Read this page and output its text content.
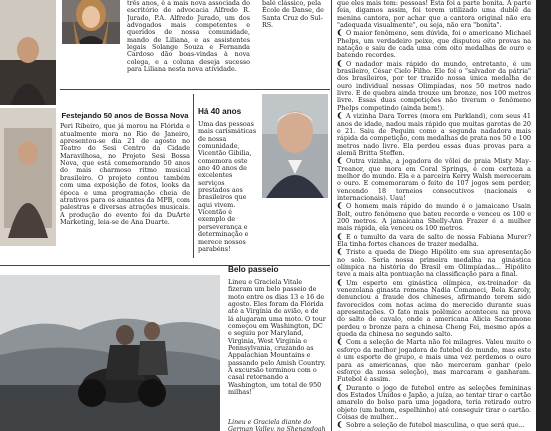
três anos, é a mais nova associada do escritório de advocacia Alfredo R. Jurado, P.A. Alfredo Jurado, um dos advogados mais competentes e queridos de nossa comunidade, mando de Liliana, e as assistentes legais Solange Souza e Fernanda Cardoso dão boas-vindas à nova colega, e a coluna deseja sucesso para Liliana nesta nova atividade.

balé clássico, pela École de Danse, de Santa Cruz do Sul-RS.

Festejando 50 anos de Bossa Nova

Peri Ribeiro, que já morou na Flórida e atualmente mora no Rio de Janeiro, apresentou-se dia 21 de agosto no Teatro do Sesi Centro da Cidade Maravilhosa, no Projeto Sesi Bossa Nova, que está comemorando 50 anos do mais charmoso ritmo musical brasileiro. O projeto contou também com uma exposição de fotos, looks da época e uma programação cheia de atrativos para os amantes da MPB, com palestras e diversas atrações musicais. A produção do evento foi da DuArte Marketing, leia-se de Ana Duarte.

Há 40 anos

Uma das pessoas mais carismáticas de nossa comunidade, Vicentão Gibilia, comemora este ano 40 anos de excelentes serviços prestados aos brasileiros que aqui vivem. Vicentão é exemplo de perseverança e determinação e merece nossos parabéns!

Belo passeio

Lineu e Graciela Vitale fizeram um belo passeio de moto entre os dias 13 e 16 de agosto. Eles foram da Flórida até a Virgínia de avião, e de lá alugaram uma moto. O tour começou em Washington, DC e seguiu por Maryland, Virginia, West Virginia e Pennsylvania, cruzando as Appalachian Mountains e passando pelo Amish Country. A excursão terminou com o casal retornando a Washington, um total de 950 milhas!

Lineu e Graciela diante do German Valley, no Shenandoah

que eles mais tem: pessoas! Esta foi a parte bonita. A parte feia, digamos assim, foi terem utilizado uma dublê da menina cantora, por achar que a cantora original não era "adequada visualmente", ou seja, não era "bonita".

O maior fenômeno, sem dúvida, foi o americano Michael Phelps, um verdadeiro peixe, que disputou oito provas na natação e saiu de cada uma com oito medalhas de ouro e batendo recordes.

O nadador mais rápido do mundo, entretanto, é um brasileiro, César Cielo Filho. Ele foi o "salvador da pátria" dos brasileiros, por ter trazido nossa única medalha de ouro individual nessas Olimpíadas, nos 50 metros nado livre. E de quebra ainda trouxe um bronze, nos 100 metros livre. Essas duas competições não tiveram o fenômeno Phelps competindo (ainda bem!).

A vizinha Dara Torres (mora em Parkland), com seus 41 anos de idade, nadou mais rápido que muitas garotas de 20 e 21. Saiu de Pequim como a segunda nadadora mais rápida da competição, com medalhas de prata nos 50 e 100 metros nado livre. Ela perdeu essas duas provas para a alemã Britta Steffen.

Outra vizinha, a jogadora de vôlei de praia Misty May-Treanor, que mora em Coral Springs, é com certeza a melhor do mundo. Ela e a parceira Kerry Walsh mereceram o ouro. E comemoraram o feito de 107 jogos sem perder, vencendo 18 torneios consecutivos (nacionais e internacionais). Uau!

O homem mais rápido do mundo é o jamaicano Usain Bolt, outro fenômeno que bateu recorde e venceu os 100 e 200 metros. A jamaicana Shelly-Ann Frazer é a mulher mais rápida, ela venceu os 100 metros.

E o tumulto da vara de salto de nossa Fabiana Murer? Ela tinha fortes chances de trazer medalha.

Triste a queda de Diego Hipólito em sua apresentação no solo. Seria nossa primeira medalha na ginástica olímpica na história do Brasil em Olimpíadas... Hipólito teve a mais alta pontuação na classificação para a final.

Um esperto em ginástica olímpica, ex-treinador da venezolana ginasta romena Nadia Comaneci, Bela Karoly, denunciou a fraude dos chineses, afirmando terem sido favorecidos com notas acima do merecido durante suas apresentações. O fato mais polêmico aconteceu na prova do salto de cavalo, onde a americana Alicia Sacramone perdeu o bronze para a chinesa Cheng Fei, mesmo após a queda da chinesa no segundo salto.

Com a seleção de Marta não foi milagres. Valeu muito o esforço da melhor jogadora de futebol do mundo, mas este é um esporte de grupo, e mais uma vez perdemos o ouro para as americanas, que não merceram ganhar (pelo esforço da nossa seleção), mas marcaram e ganharam. Futebol é assim.

Durante o jogo de futebol entre as seleções femininas dos Estados Unidos e Japão, a juíza, ao tentar tirar o cartão amarelo do bolso para uma jogadora, teria retirado outro objeto (um batom, espelhinho) até conseguir tirar o cartão. Coisas de mulher...

Sobre a seleção de futebol masculina, o que será que...
